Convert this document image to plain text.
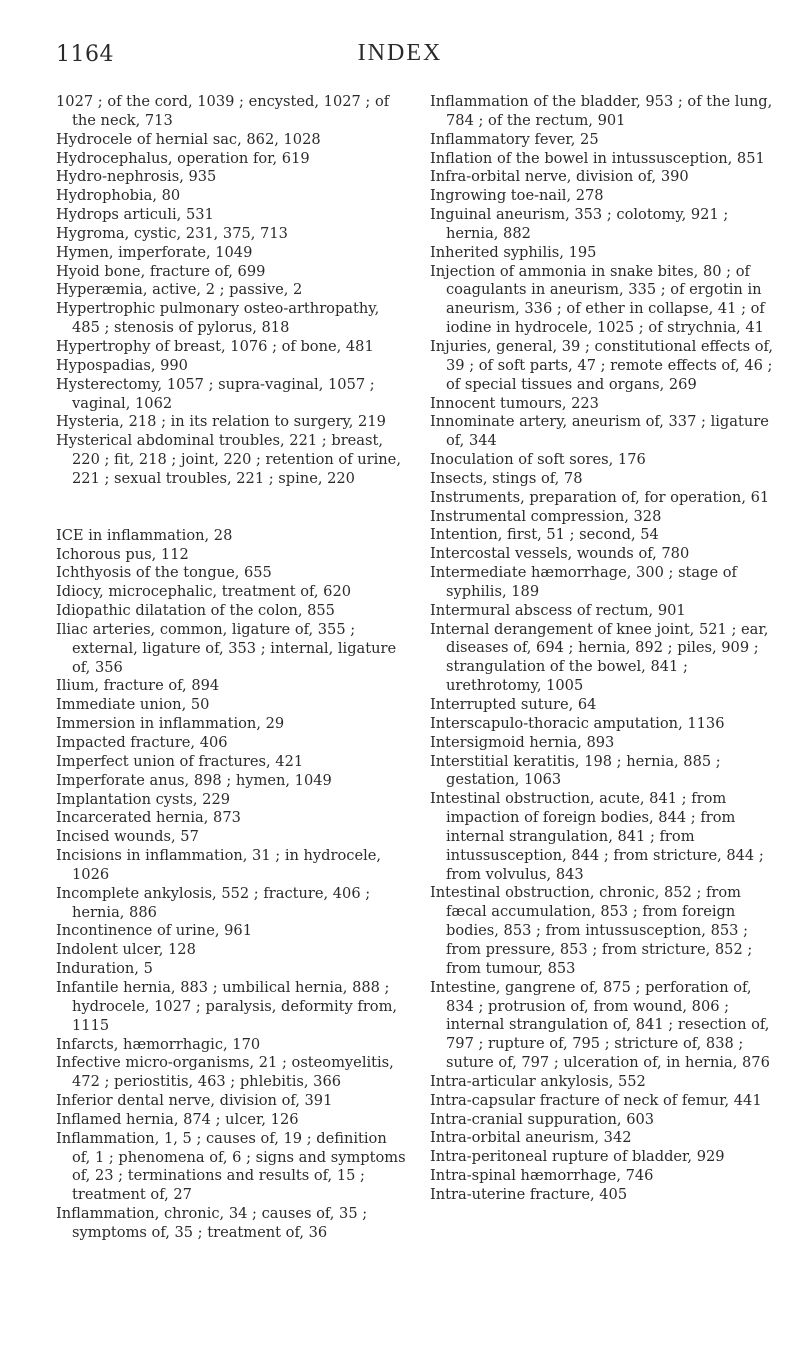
1164	INDEX

1027 ; of the cord, 1039 ; encysted, 1027 ; of the neck, 713

Hydrocele of hernial sac, 862, 1028

Hydrocephalus, operation for, 619

Hydro-nephrosis, 935

Hydrophobia, 80

Hydrops articuli, 531

Hygroma, cystic, 231, 375, 713

Hymen, imperforate, 1049

Hyoid bone, fracture of, 699

Hyperæmia, active, 2 ; passive, 2

Hypertrophic pulmonary osteo-arthropathy, 485 ; stenosis of pylorus, 818

Hypertrophy of breast, 1076 ; of bone, 481

Hypospadias, 990

Hysterectomy, 1057 ; supra-vaginal, 1057 ; vaginal, 1062

Hysteria, 218 ; in its relation to surgery, 219

Hysterical abdominal troubles, 221 ; breast, 220 ; fit, 218 ; joint, 220 ; retention of urine, 221 ; sexual troubles, 221 ; spine, 220

ICE in inflammation, 28

Ichorous pus, 112

Ichthyosis of the tongue, 655

Idiocy, microcephalic, treatment of, 620

Idiopathic dilatation of the colon, 855

Iliac arteries, common, ligature of, 355 ; external, ligature of, 353 ; internal, ligature of, 356

Ilium, fracture of, 894

Immediate union, 50

Immersion in inflammation, 29

Impacted fracture, 406

Imperfect union of fractures, 421

Imperforate anus, 898 ; hymen, 1049

Implantation cysts, 229

Incarcerated hernia, 873

Incised wounds, 57

Incisions in inflammation, 31 ; in hydrocele, 1026

Incomplete ankylosis, 552 ; fracture, 406 ; hernia, 886

Incontinence of urine, 961

Indolent ulcer, 128

Induration, 5

Infantile hernia, 883 ; umbilical hernia, 888 ; hydrocele, 1027 ; paralysis, deformity from, 1115

Infarcts, hæmorrhagic, 170

Infective micro-organisms, 21 ; osteomyelitis, 472 ; periostitis, 463 ; phlebitis, 366

Inferior dental nerve, division of, 391

Inflamed hernia, 874 ; ulcer, 126

Inflammation, 1, 5 ; causes of, 19 ; definition of, 1 ; phenomena of, 6 ; signs and symptoms of, 23 ; terminations and results of, 15 ; treatment of, 27

Inflammation, chronic, 34 ; causes of, 35 ; symptoms of, 35 ; treatment of, 36

Inflammation of the bladder, 953 ; of the lung, 784 ; of the rectum, 901

Inflammatory fever, 25

Inflation of the bowel in intussusception, 851

Infra-orbital nerve, division of, 390

Ingrowing toe-nail, 278

Inguinal aneurism, 353 ; colotomy, 921 ; hernia, 882

Inherited syphilis, 195

Injection of ammonia in snake bites, 80 ; of coagulants in aneurism, 335 ; of ergotin in aneurism, 336 ; of ether in collapse, 41 ; of iodine in hydrocele, 1025 ; of strychnia, 41

Injuries, general, 39 ; constitutional effects of, 39 ; of soft parts, 47 ; remote effects of, 46 ; of special tissues and organs, 269

Innocent tumours, 223

Innominate artery, aneurism of, 337 ; ligature of, 344

Inoculation of soft sores, 176

Insects, stings of, 78

Instruments, preparation of, for operation, 61

Instrumental compression, 328

Intention, first, 51 ; second, 54

Intercostal vessels, wounds of, 780

Intermediate hæmorrhage, 300 ; stage of syphilis, 189

Intermural abscess of rectum, 901

Internal derangement of knee joint, 521 ; ear, diseases of, 694 ; hernia, 892 ; piles, 909 ; strangulation of the bowel, 841 ; urethrotomy, 1005

Interrupted suture, 64

Interscapulo-thoracic amputation, 1136

Intersigmoid hernia, 893

Interstitial keratitis, 198 ; hernia, 885 ; gestation, 1063

Intestinal obstruction, acute, 841 ; from impaction of foreign bodies, 844 ; from internal strangulation, 841 ; from intussusception, 844 ; from stricture, 844 ; from volvulus, 843

Intestinal obstruction, chronic, 852 ; from fæcal accumulation, 853 ; from foreign bodies, 853 ; from intussusception, 853 ; from pressure, 853 ; from stricture, 852 ; from tumour, 853

Intestine, gangrene of, 875 ; perforation of, 834 ; protrusion of, from wound, 806 ; internal strangulation of, 841 ; resection of, 797 ; rupture of, 795 ; stricture of, 838 ; suture of, 797 ; ulceration of, in hernia, 876

Intra-articular ankylosis, 552

Intra-capsular fracture of neck of femur, 441

Intra-cranial suppuration, 603

Intra-orbital aneurism, 342

Intra-peritoneal rupture of bladder, 929

Intra-spinal hæmorrhage, 746

Intra-uterine fracture, 405
